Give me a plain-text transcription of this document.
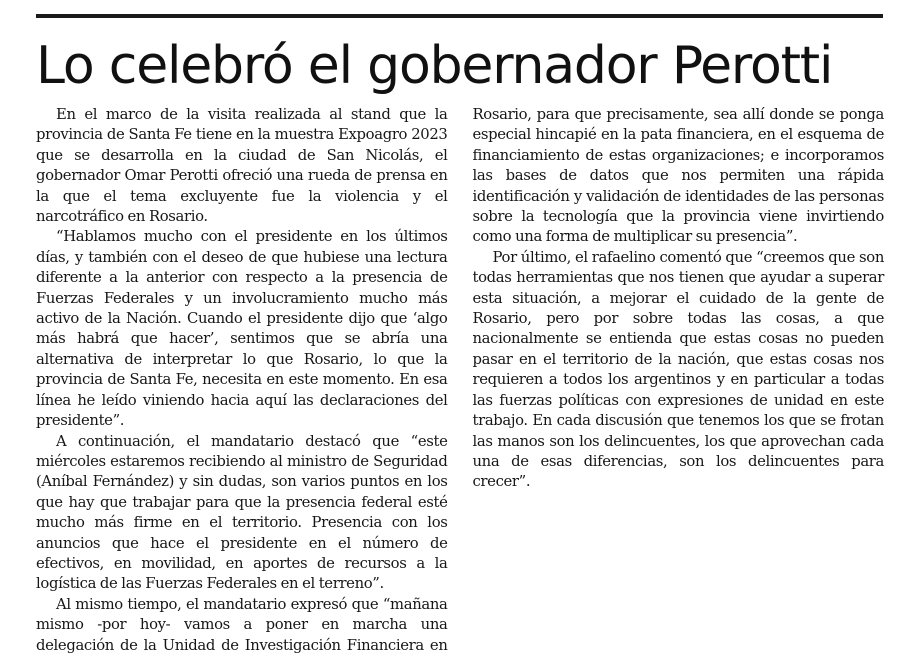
Lo celebró el gobernador Perotti

En el marco de la visita realizada al stand que la provincia de Santa Fe tiene en la muestra Expoagro 2023 que se desarrolla en la ciudad de San Nicolás, el gobernador Omar Perotti ofreció una rueda de prensa en la que el tema excluyente fue la violencia y el narcotráfico en Rosario.

“Hablamos mucho con el presidente en los últimos días, y también con el deseo de que hubiese una lectura diferente a la anterior con respecto a la presencia de Fuerzas Federales y un involucramiento mucho más activo de la Nación. Cuando el presidente dijo que ‘algo más habrá que hacer’, sentimos que se abría una alternativa de interpretar lo que Rosario, lo que la provincia de Santa Fe, necesita en este momento. En esa línea he leído viniendo hacia aquí las declaraciones del presidente”.

A continuación, el mandatario destacó que “este miércoles estaremos recibiendo al ministro de Seguridad (Aníbal Fernández) y sin dudas, son varios puntos en los que hay que trabajar para que la presencia federal esté mucho más firme en el territorio. Presencia con los anuncios que hace el presidente en el número de efectivos, en movilidad, en aportes de recursos a la logística de las Fuerzas Federales en el terreno”.

Al mismo tiempo, el mandatario expresó que “mañana mismo -por hoy- vamos a poner en marcha una delegación de la Unidad de Investigación Financiera en Rosario, para que precisamente, sea allí donde se ponga especial hincapié en la pata financiera, en el esquema de financiamiento de estas organizaciones; e incorporamos las bases de datos que nos permiten una rápida identificación y validación de identidades de las personas sobre la tecnología que la provincia viene invirtiendo como una forma de multiplicar su presencia”.

Por último, el rafaelino comentó que “creemos que son todas herramientas que nos tienen que ayudar a superar esta situación, a mejorar el cuidado de la gente de Rosario, pero por sobre todas las cosas, a que nacionalmente se entienda que estas cosas no pueden pasar en el territorio de la nación, que estas cosas nos requieren a todos los argentinos y en particular a todas las fuerzas políticas con expresiones de unidad en este trabajo. En cada discusión que tenemos los que se frotan las manos son los delincuentes, los que aprovechan cada una de esas diferencias, son los delincuentes para crecer”.
